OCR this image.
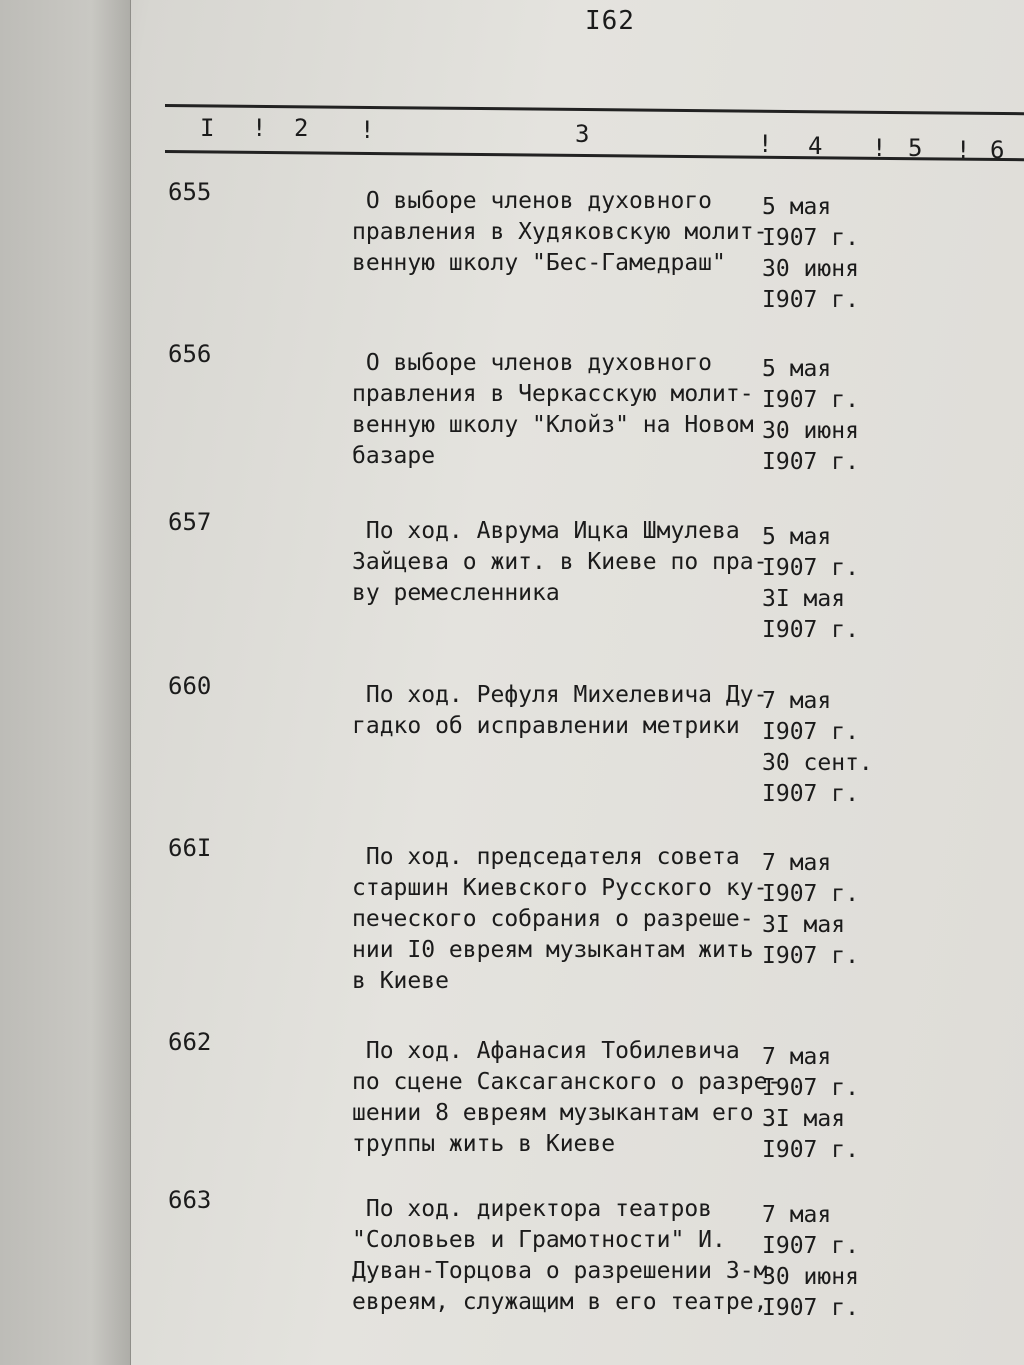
I62
I ! 2 !	3	! 4 ! 5 ! 6
655	О выборе членов духовного
правления в Худяковскую молит-
венную школу "Бес-Гамедраш"
5 мая
I907 г.
30 июня
I907 г.
656	О выборе членов духовного
правления в Черкасскую молит-
венную школу "Клойз" на Новом
базаре
5 мая
I907 г.
30 июня
I907 г.
657	По ход. Аврума Ицка Шмулева
Зайцева о жит. в Киеве по пра-
ву ремесленника
5 мая
I907 г.
3I мая
I907 г.
660	По ход. Рефуля Михелевича Ду-
гадко об исправлении метрики
7 мая
I907 г.
30 сент.
I907 г.
66I	По ход. председателя совета
старшин Киевского Русского ку-
печеского собрания о разреше-
нии I0 евреям музыкантам жить
в Киеве
7 мая
I907 г.
3I мая
I907 г.
662	По ход. Афанасия Тобилевича
по сцене Саксаганского о разре-
шении 8 евреям музыкантам его
труппы жить в Киеве
7 мая
I907 г.
3I мая
I907 г.
663	По ход. директора театров
"Соловьев и Грамотности" И.
Дуван-Торцова о разрешении 3-м
евреям, служащим в его театре,
7 мая
I907 г.
30 июня
I907 г.
